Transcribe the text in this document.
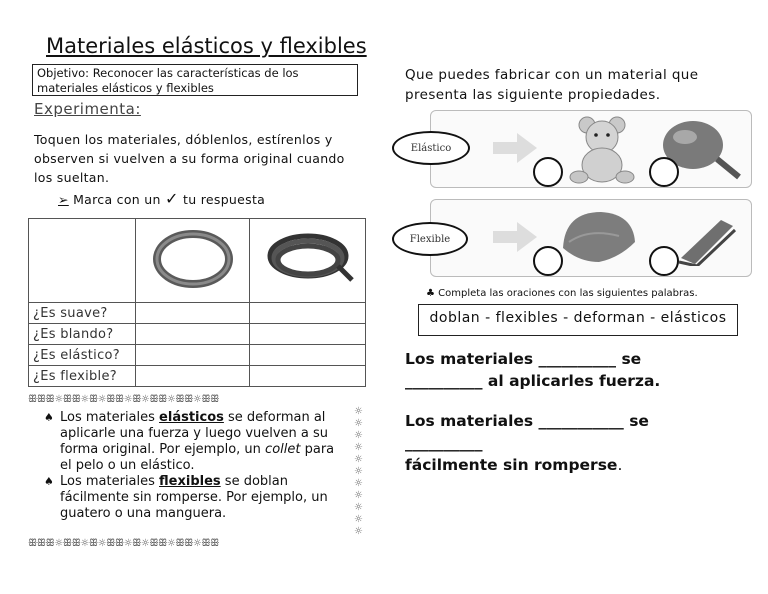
Materiales elásticos y flexibles
Objetivo: Reconocer las características de los materiales elásticos y flexibles
Experimenta:
Toquen los materiales, dóblenlos, estírenlos y observen si vuelven a su forma original cuando los sueltan.
➢ Marca con un ✓ tu respuesta

¿Es suave?		
¿Es blando?		
¿Es elástico?		
¿Es flexible?		
ꕥꕥꕥ☼ꕥꕥ☼ꕥ☼ꕥꕥ☼ꕥ☼ꕥꕥ☼ꕥꕥ☼ꕥꕥ
☼ ☼ ☼ ☼ ☼ ☼ ☼ ☼ ☼ ☼ ☼
♠ Los materiales elásticos se deforman al aplicarle una fuerza y luego vuelven a su forma original. Por ejemplo, un collet para el pelo o un elástico.
♠ Los materiales flexibles se doblan fácilmente sin romperse. Por ejemplo, un guatero o una manguera.
ꕥꕥꕥ☼ꕥꕥ☼ꕥ☼ꕥꕥ☼ꕥ☼ꕥꕥ☼ꕥꕥ☼ꕥꕥ
Que puedes fabricar con un material que presenta las siguiente propiedades.
Elástico
Flexible
♣ Completa las oraciones con las siguientes palabras.
doblan - flexibles - deforman - elásticos
Los materiales __________ se
__________ al aplicarles fuerza.
Los materiales ___________ se
__________
fácilmente sin romperse.
